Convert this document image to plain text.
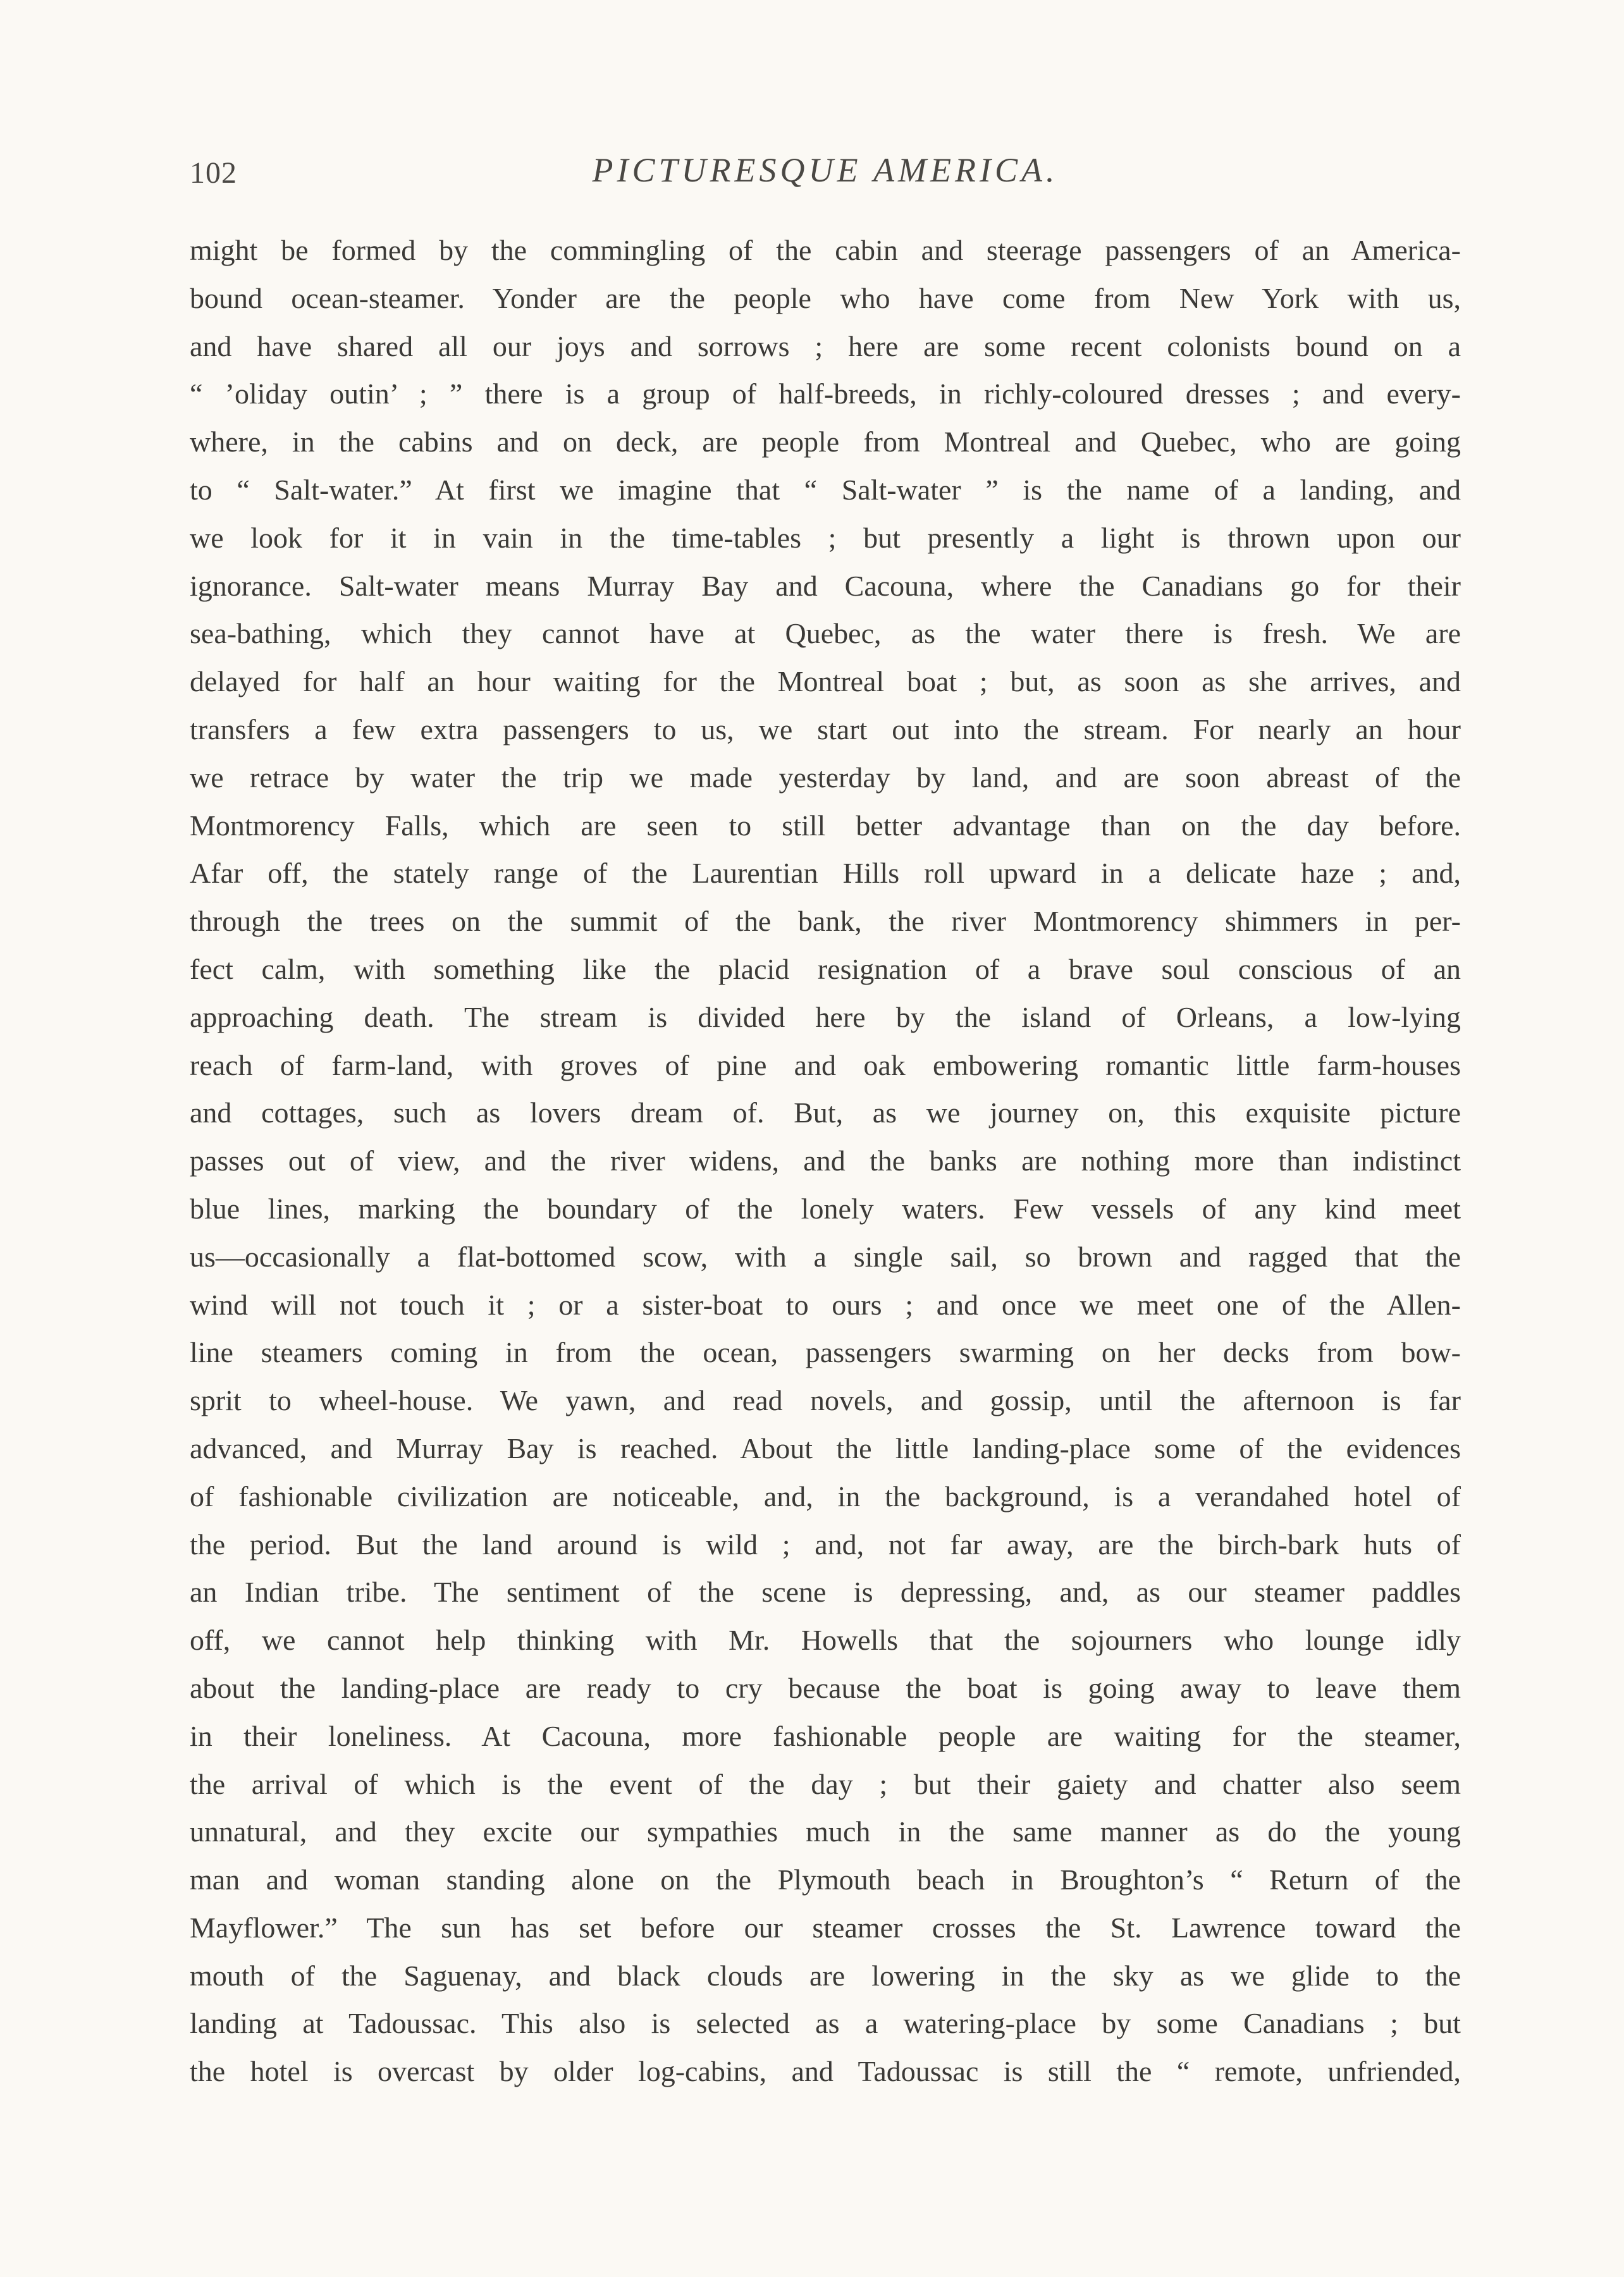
102	PICTURESQUE AMERICA.
might be formed by the commingling of the cabin and steerage passengers of an America-
bound ocean-steamer. Yonder are the people who have come from New York with us,
and have shared all our joys and sorrows ; here are some recent colonists bound on a
“ ’oliday outin’ ; ” there is a group of half-breeds, in richly-coloured dresses ; and every-
where, in the cabins and on deck, are people from Montreal and Quebec, who are going
to “ Salt-water.” At first we imagine that “ Salt-water ” is the name of a landing, and
we look for it in vain in the time-tables ; but presently a light is thrown upon our
ignorance. Salt-water means Murray Bay and Cacouna, where the Canadians go for their
sea-bathing, which they cannot have at Quebec, as the water there is fresh. We are
delayed for half an hour waiting for the Montreal boat ; but, as soon as she arrives, and
transfers a few extra passengers to us, we start out into the stream. For nearly an hour
we retrace by water the trip we made yesterday by land, and are soon abreast of the
Montmorency Falls, which are seen to still better advantage than on the day before.
Afar off, the stately range of the Laurentian Hills roll upward in a delicate haze ; and,
through the trees on the summit of the bank, the river Montmorency shimmers in per-
fect calm, with something like the placid resignation of a brave soul conscious of an
approaching death. The stream is divided here by the island of Orleans, a low-lying
reach of farm-land, with groves of pine and oak embowering romantic little farm-houses
and cottages, such as lovers dream of. But, as we journey on, this exquisite picture
passes out of view, and the river widens, and the banks are nothing more than indistinct
blue lines, marking the boundary of the lonely waters. Few vessels of any kind meet
us—occasionally a flat-bottomed scow, with a single sail, so brown and ragged that the
wind will not touch it ; or a sister-boat to ours ; and once we meet one of the Allen-
line steamers coming in from the ocean, passengers swarming on her decks from bow-
sprit to wheel-house. We yawn, and read novels, and gossip, until the afternoon is far
advanced, and Murray Bay is reached. About the little landing-place some of the evidences
of fashionable civilization are noticeable, and, in the background, is a verandahed hotel of
the period. But the land around is wild ; and, not far away, are the birch-bark huts of
an Indian tribe. The sentiment of the scene is depressing, and, as our steamer paddles
off, we cannot help thinking with Mr. Howells that the sojourners who lounge idly
about the landing-place are ready to cry because the boat is going away to leave them
in their loneliness. At Cacouna, more fashionable people are waiting for the steamer,
the arrival of which is the event of the day ; but their gaiety and chatter also seem
unnatural, and they excite our sympathies much in the same manner as do the young
man and woman standing alone on the Plymouth beach in Broughton’s “ Return of the
Mayflower.” The sun has set before our steamer crosses the St. Lawrence toward the
mouth of the Saguenay, and black clouds are lowering in the sky as we glide to the
landing at Tadoussac. This also is selected as a watering-place by some Canadians ; but
the hotel is overcast by older log-cabins, and Tadoussac is still the “ remote, unfriended,
